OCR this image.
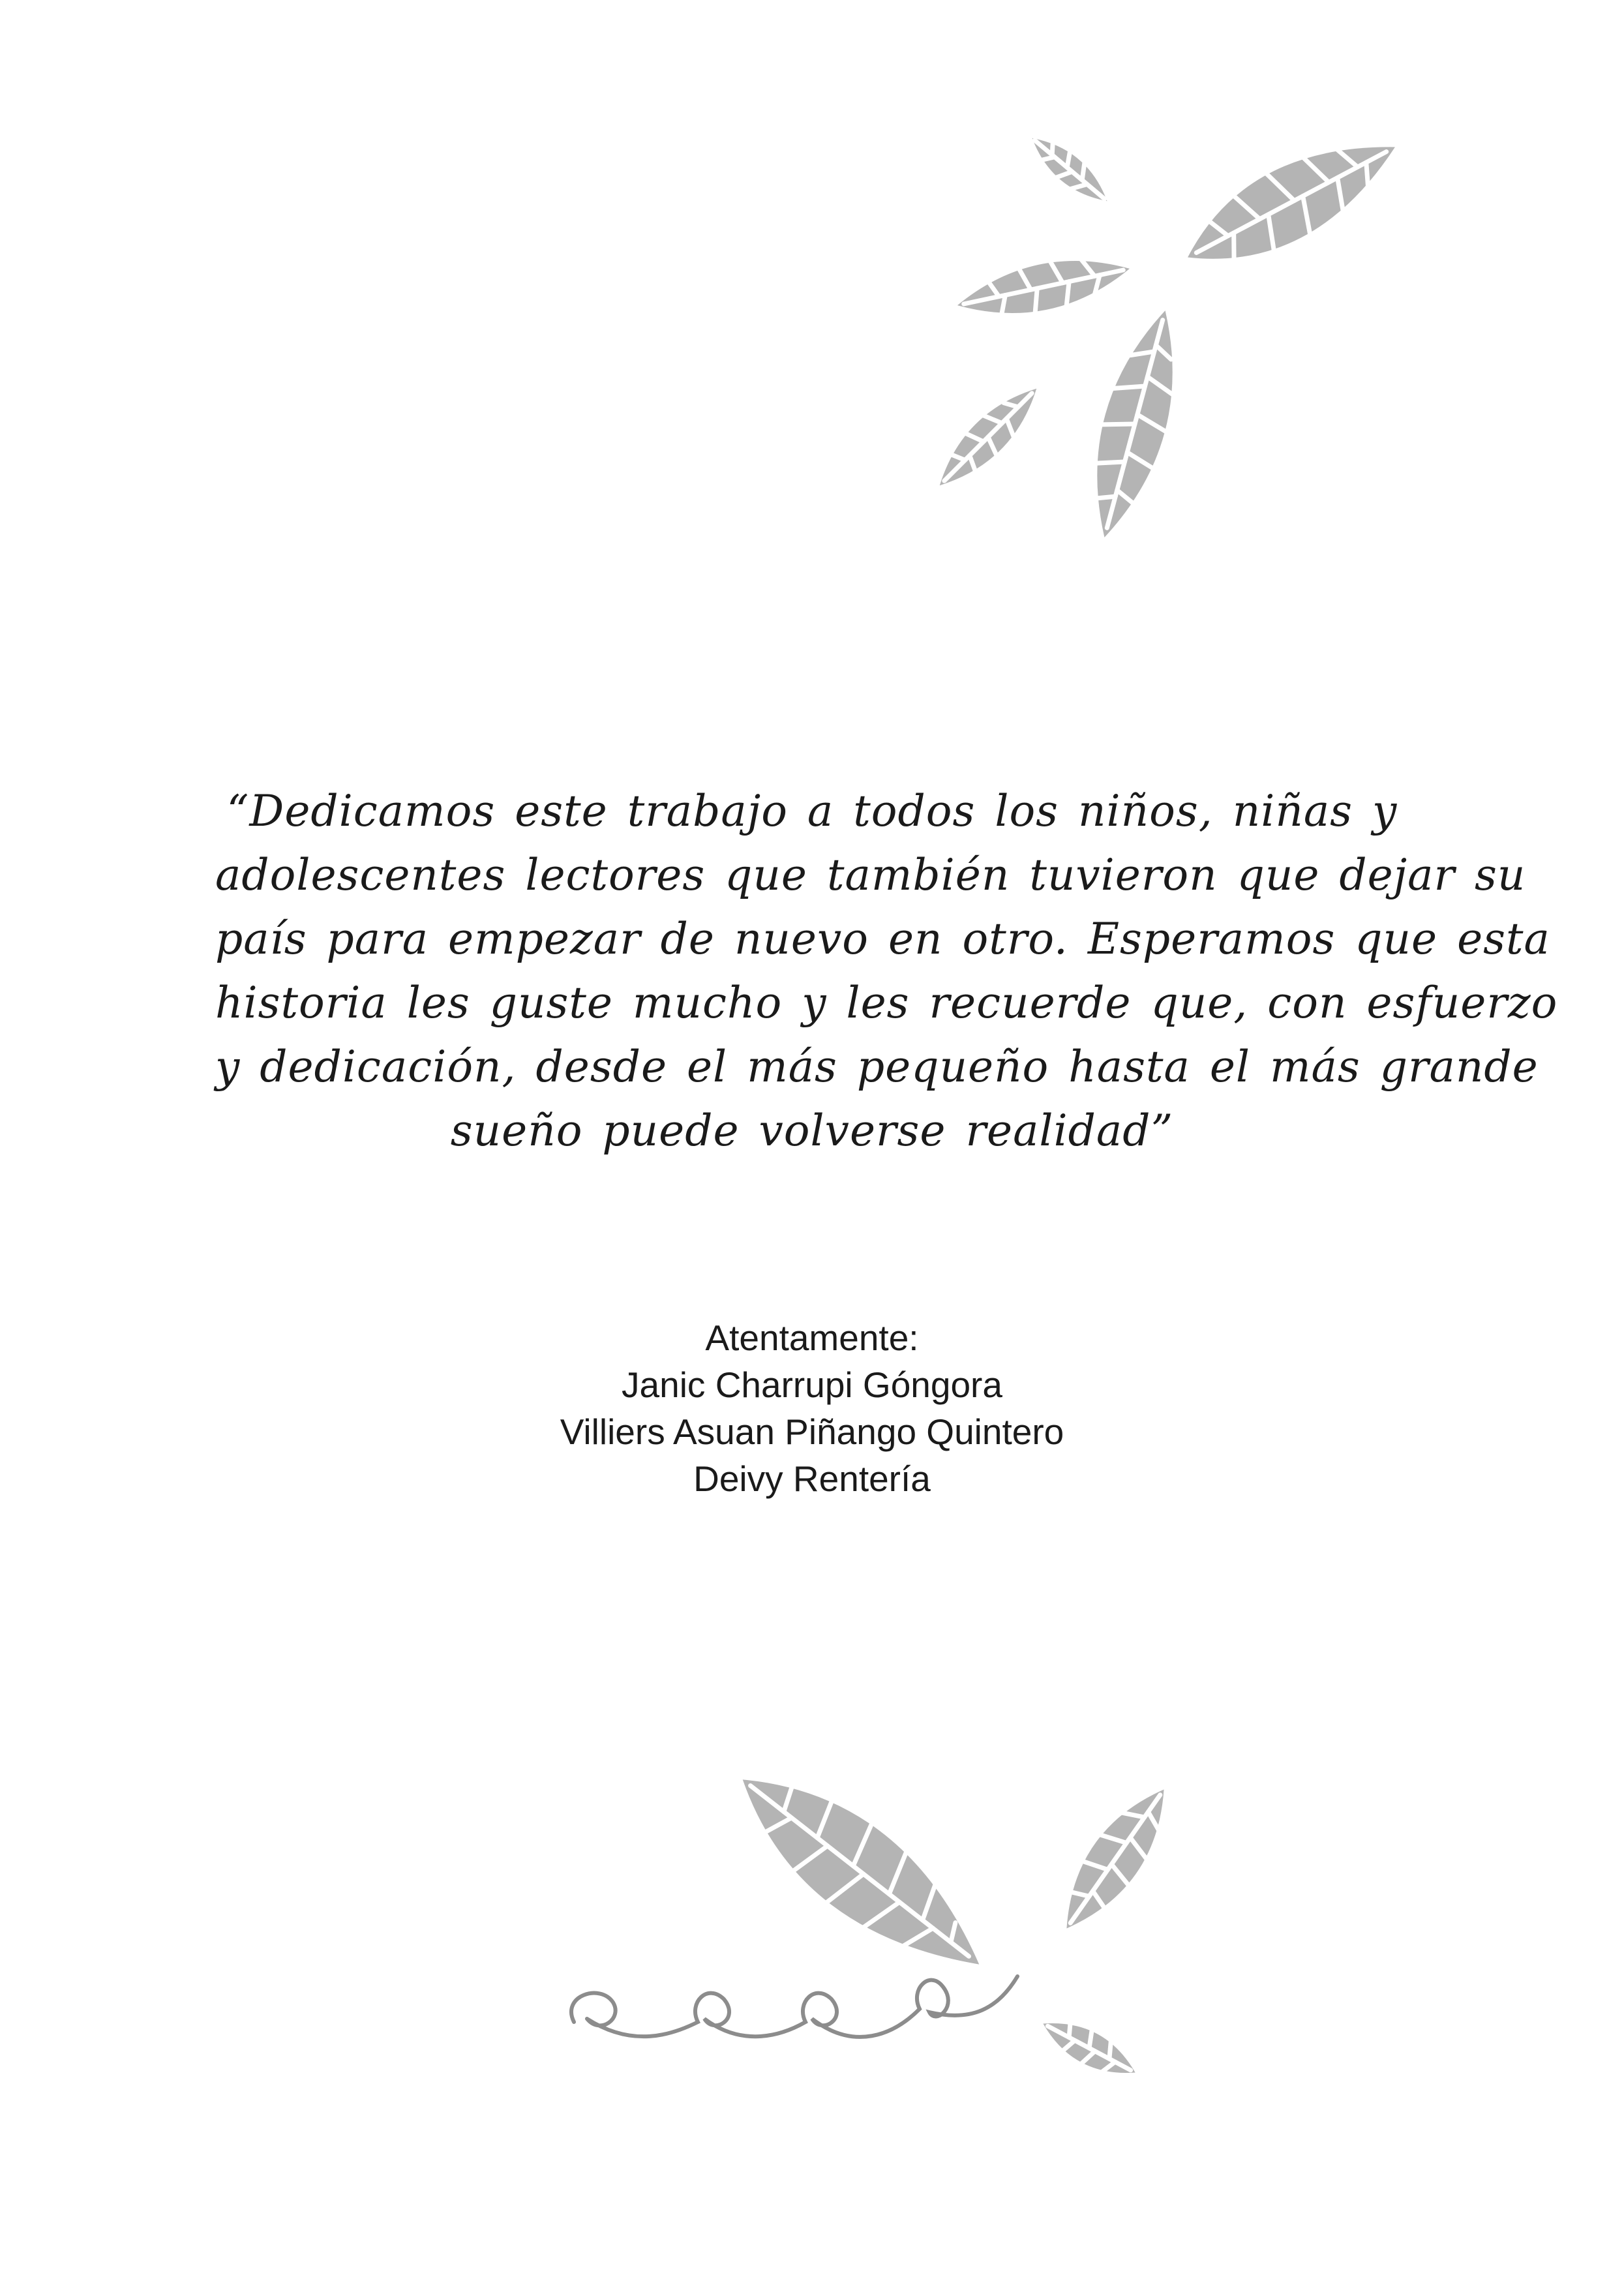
“Dedicamos este trabajo a todos los niños, niñas y
adolescentes lectores que también tuvieron que dejar su
país para empezar de nuevo en otro. Esperamos que esta
historia les guste mucho y les recuerde que, con esfuerzo
y dedicación, desde el más pequeño hasta el más grande
sueño puede volverse realidad”

Atentamente:
Janic Charrupi Góngora
Villiers Asuan Piñango Quintero
Deivy Rentería
